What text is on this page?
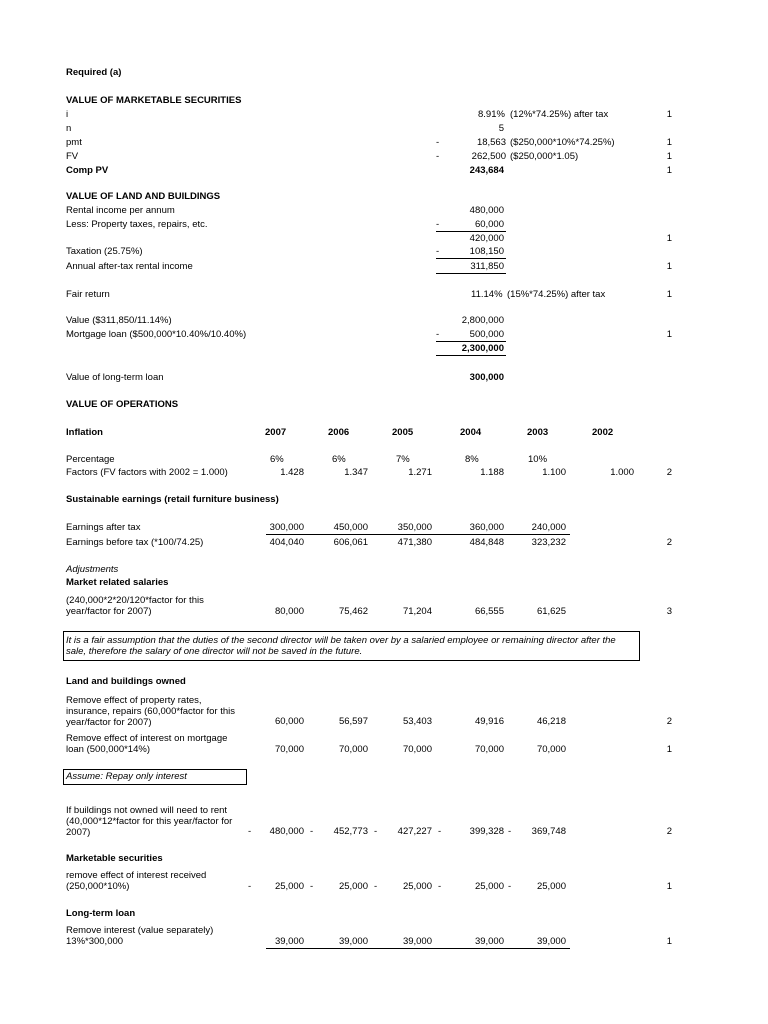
Required (a)
VALUE OF MARKETABLE SECURITIES
i	8.91% (12%*74.25%) after tax	1
n	5
pmt	-	18,563 ($250,000*10%*74.25%)	1
FV	-	262,500 ($250,000*1.05)	1
Comp PV	243,684	1
VALUE OF LAND AND BUILDINGS
Rental income per annum	480,000
Less: Property taxes, repairs, etc.	-	60,000
420,000	1
Taxation (25.75%)	-	108,150
Annual after-tax rental income	311,850	1
Fair return	11.14% (15%*74.25%) after tax	1
Value ($311,850/11.14%)	2,800,000
Mortgage loan ($500,000*10.40%/10.40%)	-	500,000	1
2,300,000
Value of long-term loan	300,000
VALUE OF OPERATIONS
Inflation	2007	2006	2005	2004	2003	2002
Percentage	6%	6%	7%	8%	10%
Factors (FV factors with 2002 = 1.000)	1.428	1.347	1.271	1.188	1.100	1.000	2
Sustainable earnings (retail furniture business)
Earnings after tax	300,000	450,000	350,000	360,000	240,000
Earnings before tax (*100/74.25)	404,040	606,061	471,380	484,848	323,232	2
Adjustments
Market related salaries
(240,000*2*20/120*factor for this year/factor for 2007)	80,000	75,462	71,204	66,555	61,625	3
It is a fair assumption that the duties of the second director will be taken over by a salaried employee or remaining director after the sale, therefore the salary of one director will not be saved in the future.
Land and buildings owned
Remove effect of property rates, insurance, repairs (60,000*factor for this year/factor for 2007)	60,000	56,597	53,403	49,916	46,218	2
Remove effect of interest on mortgage loan (500,000*14%)	70,000	70,000	70,000	70,000	70,000	1
Assume: Repay only interest
If buildings not owned will need to rent (40,000*12*factor for this year/factor for 2007)	-	480,000 -	452,773 -	427,227 -	399,328 -	369,748	2
Marketable securities
remove effect of interest received (250,000*10%)	-	25,000 -	25,000 -	25,000 -	25,000 -	25,000	1
Long-term loan
Remove interest (value separately) 13%*300,000	39,000	39,000	39,000	39,000	39,000	1
